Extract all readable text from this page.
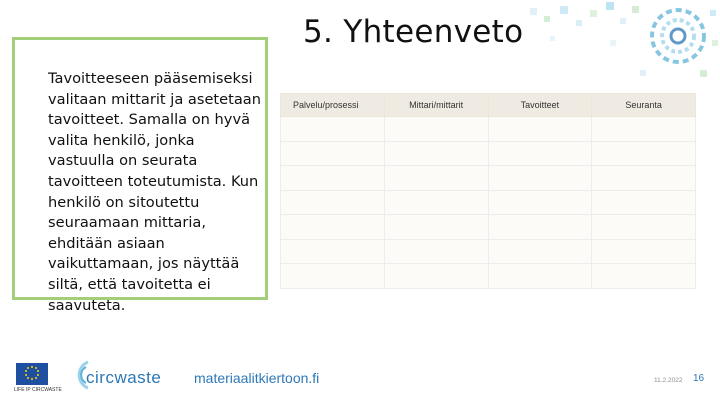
5. Yhteenveto

Tavoitteeseen pääsemiseksi valitaan mittarit ja asetetaan tavoitteet. Samalla on hyvä valita henkilö, jonka vastuulla on seurata tavoitteen toteutumista. Kun henkilö on sitoutettu seuraamaan mittaria, ehditään asiaan vaikuttamaan, jos näyttää siltä, että tavoitetta ei saavuteta.

Palvelu/prosessi	Mittari/mittarit	Tavoitteet	Seuranta

LIFE IP CIRCWASTE
circwaste materiaalitkiertoon.fi	11.2.2022 16
